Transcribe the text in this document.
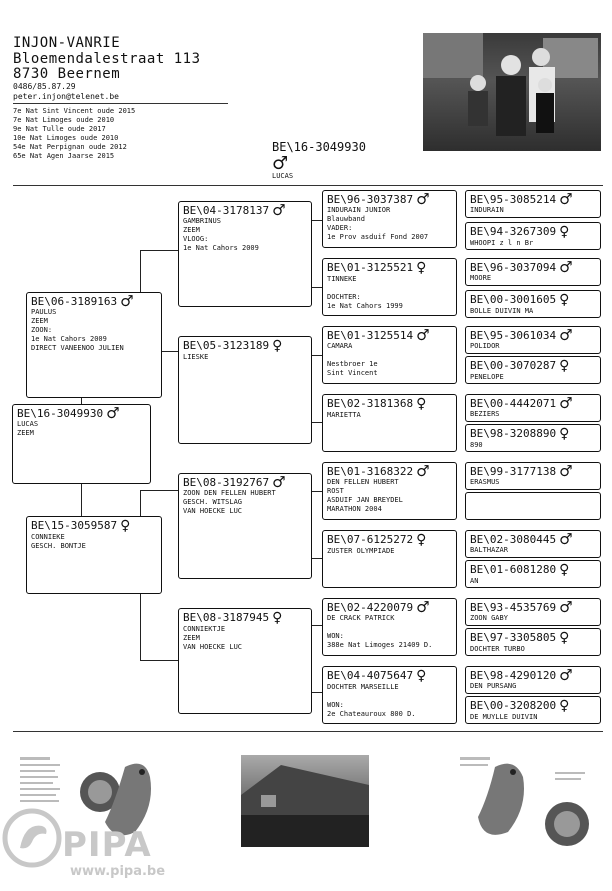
INJON-VANRIE
Bloemendalestraat 113
8730 Beernem
0486/85.87.29
peter.injon@telenet.be
7e Nat Sint Vincent oude 2015
7e Nat Limoges oude 2010
9e Nat Tulle oude 2017
10e Nat Limoges oude 2010
54e Nat Perpignan oude 2012
65e Nat Agen Jaarse 2015
BE\16-3049930
♂
LUCAS
BE\16-3049930 ♂
LUCAS
ZEEM
BE\06-3189163 ♂
PAULUS
ZEEM
ZOON:
1e Nat Cahors 2009
DIRECT VANEENOO JULIEN
BE\15-3059587 ♀
CONNIEKE
GESCH. BONTJE
BE\04-3178137 ♂
GAMBRINUS
ZEEM
VLOOG:
1e Nat Cahors 2009
BE\05-3123189 ♀
LIESKE
BE\08-3192767 ♂
ZOON DEN FELLEN HUBERT
GESCH. WITSLAG
VAN HOECKE LUC
BE\08-3187945 ♀
CONNIEKTJE
ZEEM
VAN HOECKE LUC
BE\96-3037387 ♂
INDURAIN JUNIOR
Blauwband
VADER:
1e Prov asduif Fond 2007
BE\01-3125521 ♀
TINNEKE

DOCHTER:
1e Nat Cahors 1999
BE\01-3125514 ♂
CAMARA

Nestbroer 1e
Sint Vincent
BE\02-3181368 ♀
MARIETTA
BE\01-3168322 ♂
DEN FELLEN HUBERT
ROST
ASDUIF JAN BREYDEL
MARATHON 2004
BE\07-6125272 ♀
ZUSTER OLYMPIADE
BE\02-4220079 ♂
DE CRACK PATRICK

WON:
388e Nat Limoges 21409 D.
BE\04-4075647 ♀
DOCHTER MARSEILLE

WON:
2e Chateauroux 800 D.
BE\95-3085214 ♂
INDURAIN
BE\94-3267309 ♀
WHOOPI z l n Br
BE\96-3037094 ♂
MOORE
BE\00-3001605 ♀
BOLLE DUIVIN MA
BE\95-3061034 ♂
POLIDOR
BE\00-3070287 ♀
PENELOPE
BE\00-4442071 ♂
BEZIERS
BE\98-3208890 ♀
890
BE\99-3177138 ♂
ERASMUS
BE\02-3080445 ♂
BALTHAZAR
BE\01-6081280 ♀
AN
BE\93-4535769 ♂
ZOON GABY
BE\97-3305805 ♀
DOCHTER TURBO
BE\98-4290120 ♂
DEN PURSANG
BE\00-3208200 ♀
DE MUYLLE DUIVIN
PIPA
www.pipa.be
